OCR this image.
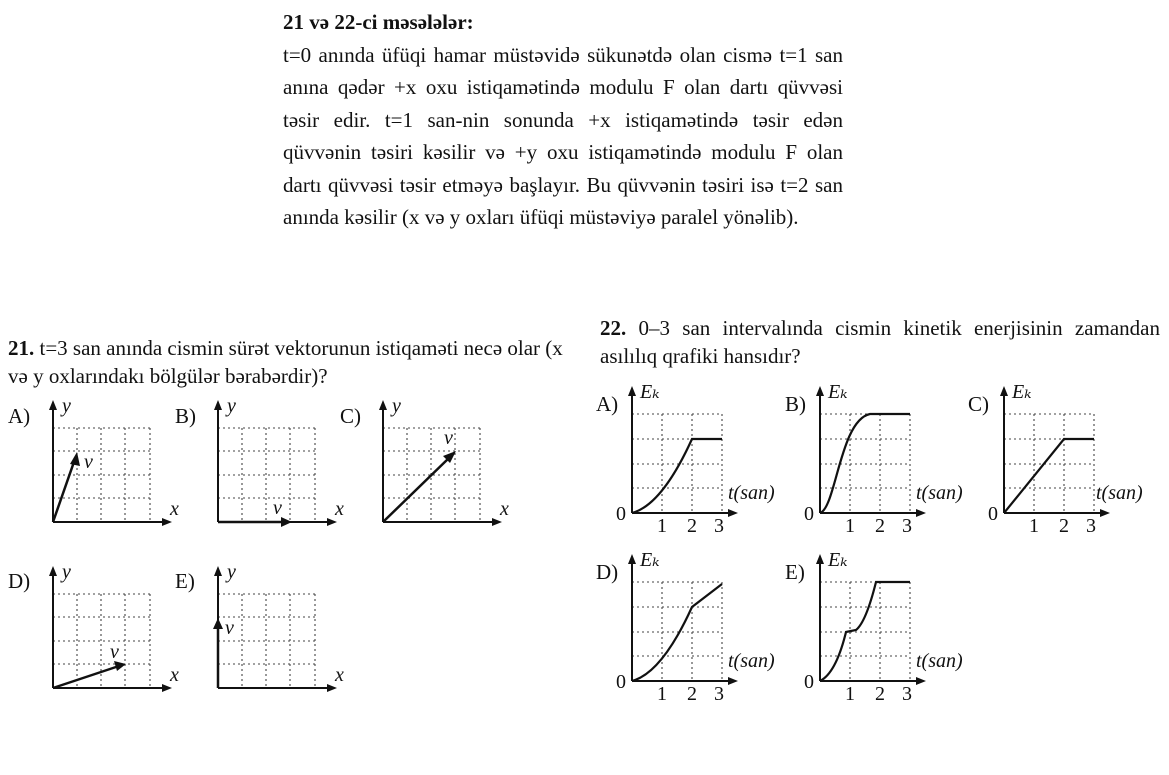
21 və 22-ci məsələlər:
t=0 anında üfüqi hamar müstəvidə sükunətdə olan cismə t=1 san anına qədər +x oxu istiqamətində modulu F olan dartı qüvvəsi təsir edir. t=1 san-nin sonunda +x istiqamətində təsir edən qüvvənin təsiri kəsilir və +y oxu istiqamətində modulu F olan dartı qüvvəsi təsir etməyə başlayır. Bu qüvvənin təsiri isə t=2 san anında kəsilir (x və y oxları üfüqi müstəviyə paralel yönəlib).
21. t=3 san anında cismin sürət vektorunun istiqaməti necə olar (x və y oxlarındakı bölgülər bərabərdir)?
22. 0–3 san intervalında cismin kinetik enerjisinin zamandan asılılıq qrafiki hansıdır?
A)	B)	C)
D)	E)
A)	B)	C)
D)	E)
y
x
v⃗
y
x
v⃗
y
x
v⃗
y
x
v⃗
y
x
v⃗
Eₖ
t(san)
0
1 2 3
Eₖ
t(san)
0
1 2 3
Eₖ
t(san)
0
1 2 3
Eₖ
t(san)
0
1 2 3
Eₖ
t(san)
0
1 2 3
